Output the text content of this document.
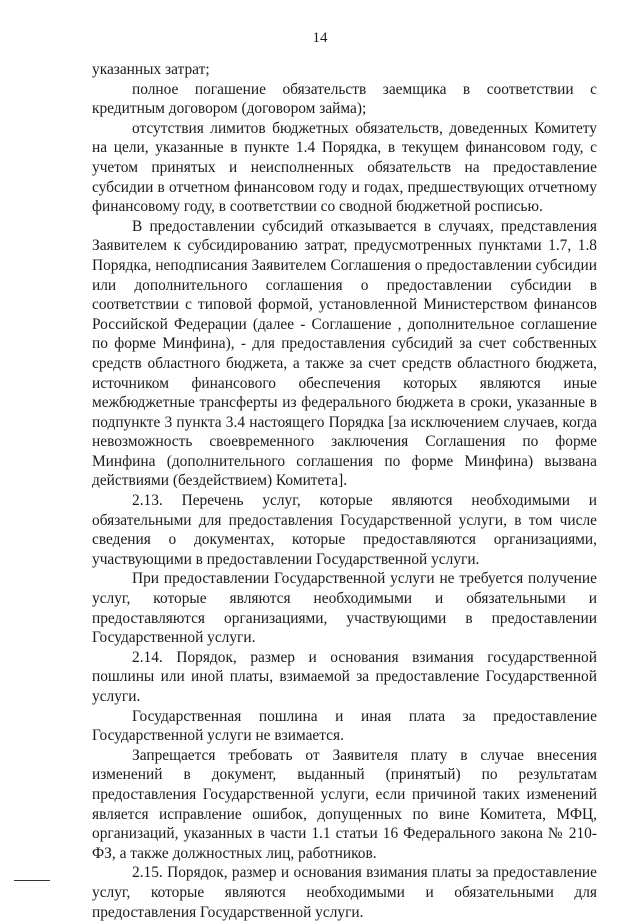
14

указанных затрат;

полное погашение обязательств заемщика в соответствии с кредитным договором (договором займа);

отсутствия лимитов бюджетных обязательств, доведенных Комитету на цели, указанные в пункте 1.4 Порядка, в текущем финансовом году, с учетом принятых и неисполненных обязательств на предоставление субсидии в отчетном финансовом году и годах, предшествующих отчетному финансовому году, в соответствии со сводной бюджетной росписью.

В предоставлении субсидий отказывается в случаях, представления Заявителем к субсидированию затрат, предусмотренных пунктами 1.7, 1.8 Порядка, неподписания Заявителем Соглашения о предоставлении субсидии или дополнительного соглашения о предоставлении субсидии в соответствии с типовой формой, установленной Министерством финансов Российской Федерации (далее - Соглашение , дополнительное соглашение по форме Минфина), - для предоставления субсидий за счет собственных средств областного бюджета, а также за счет средств областного бюджета, источником финансового обеспечения которых являются иные межбюджетные трансферты из федерального бюджета в сроки, указанные в подпункте 3 пункта 3.4 настоящего Порядка [за исключением случаев, когда невозможность своевременного заключения Соглашения по форме Минфина (дополнительного соглашения по форме Минфина) вызвана действиями (бездействием) Комитета].

2.13. Перечень услуг, которые являются необходимыми и обязательными для предоставления Государственной услуги, в том числе сведения о документах, которые предоставляются организациями, участвующими в предоставлении Государственной услуги.

При предоставлении Государственной услуги не требуется получение услуг, которые являются необходимыми и обязательными и предоставляются организациями, участвующими в предоставлении Государственной услуги.

2.14. Порядок, размер и основания взимания государственной пошлины или иной платы, взимаемой за предоставление Государственной услуги.

Государственная пошлина и иная плата за предоставление Государственной услуги не взимается.

Запрещается требовать от Заявителя плату в случае внесения изменений в документ, выданный (принятый) по результатам предоставления Государственной услуги, если причиной таких изменений является исправление ошибок, допущенных по вине Комитета, МФЦ, организаций, указанных в части 1.1 статьи 16 Федерального закона № 210-ФЗ, а также должностных лиц, работников.

2.15. Порядок, размер и основания взимания платы за предоставление услуг, которые являются необходимыми и обязательными для предоставления Государственной услуги.
